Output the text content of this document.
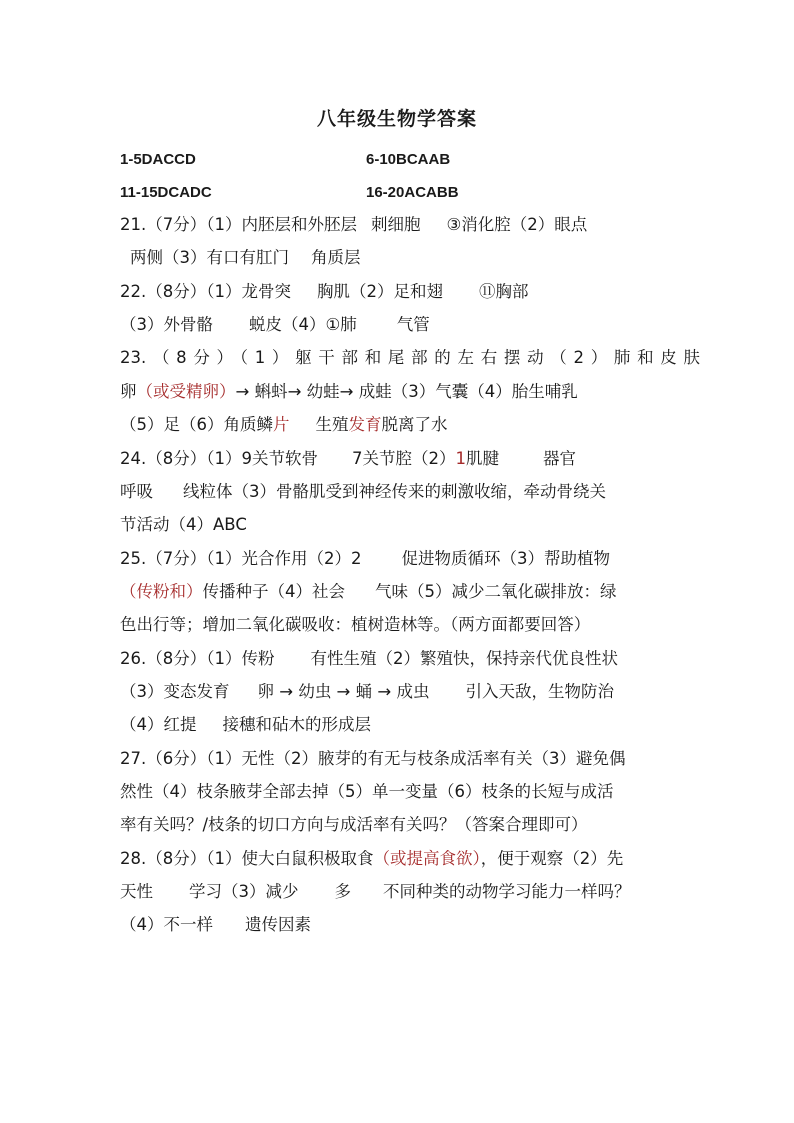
八年级生物学答案
1-5DACCD	6-10BCAAB
11-15DCADC	16-20ACABB
21.（7分）（1）内胚层和外胚层 刺细胞 ③消化腔（2）眼点
两侧（3）有口有肛门 角质层
22.（8分）（1）龙骨突 胸肌（2）足和翅 ⑪胸部
（3）外骨骼 蜕皮（4）①肺 气管
23.（8分）（1）躯干部和尾部的左右摆动（2）肺和皮肤
卵（或受精卵）→ 蝌蚪→ 幼蛙→ 成蛙（3）气囊（4）胎生哺乳
（5）足（6）角质鳞片 生殖发育脱离了水
24.（8分）（1）9关节软骨 7关节腔（2）1肌腱	器官
呼吸 线粒体（3）骨骼肌受到神经传来的刺激收缩，牵动骨绕关
节活动（4）ABC
25.（7分）（1）光合作用（2）2 促进物质循环（3）帮助植物
（传粉和）传播种子（4）社会 气味（5）减少二氧化碳排放：绿
色出行等；增加二氧化碳吸收：植树造林等。（两方面都要回答）
26.（8分）（1）传粉 有性生殖（2）繁殖快，保持亲代优良性状
（3）变态发育 卵 → 幼虫 → 蛹 → 成虫 引入天敌，生物防治
（4）红提 接穗和砧木的形成层
27.（6分）（1）无性（2）腋芽的有无与枝条成活率有关（3）避免偶
然性（4）枝条腋芽全部去掉（5）单一变量（6）枝条的长短与成活
率有关吗？/枝条的切口方向与成活率有关吗？（答案合理即可）
28.（8分）（1）使大白鼠积极取食（或提高食欲），便于观察（2）先
天性 学习（3）减少 多 不同种类的动物学习能力一样吗？
（4）不一样 遗传因素
